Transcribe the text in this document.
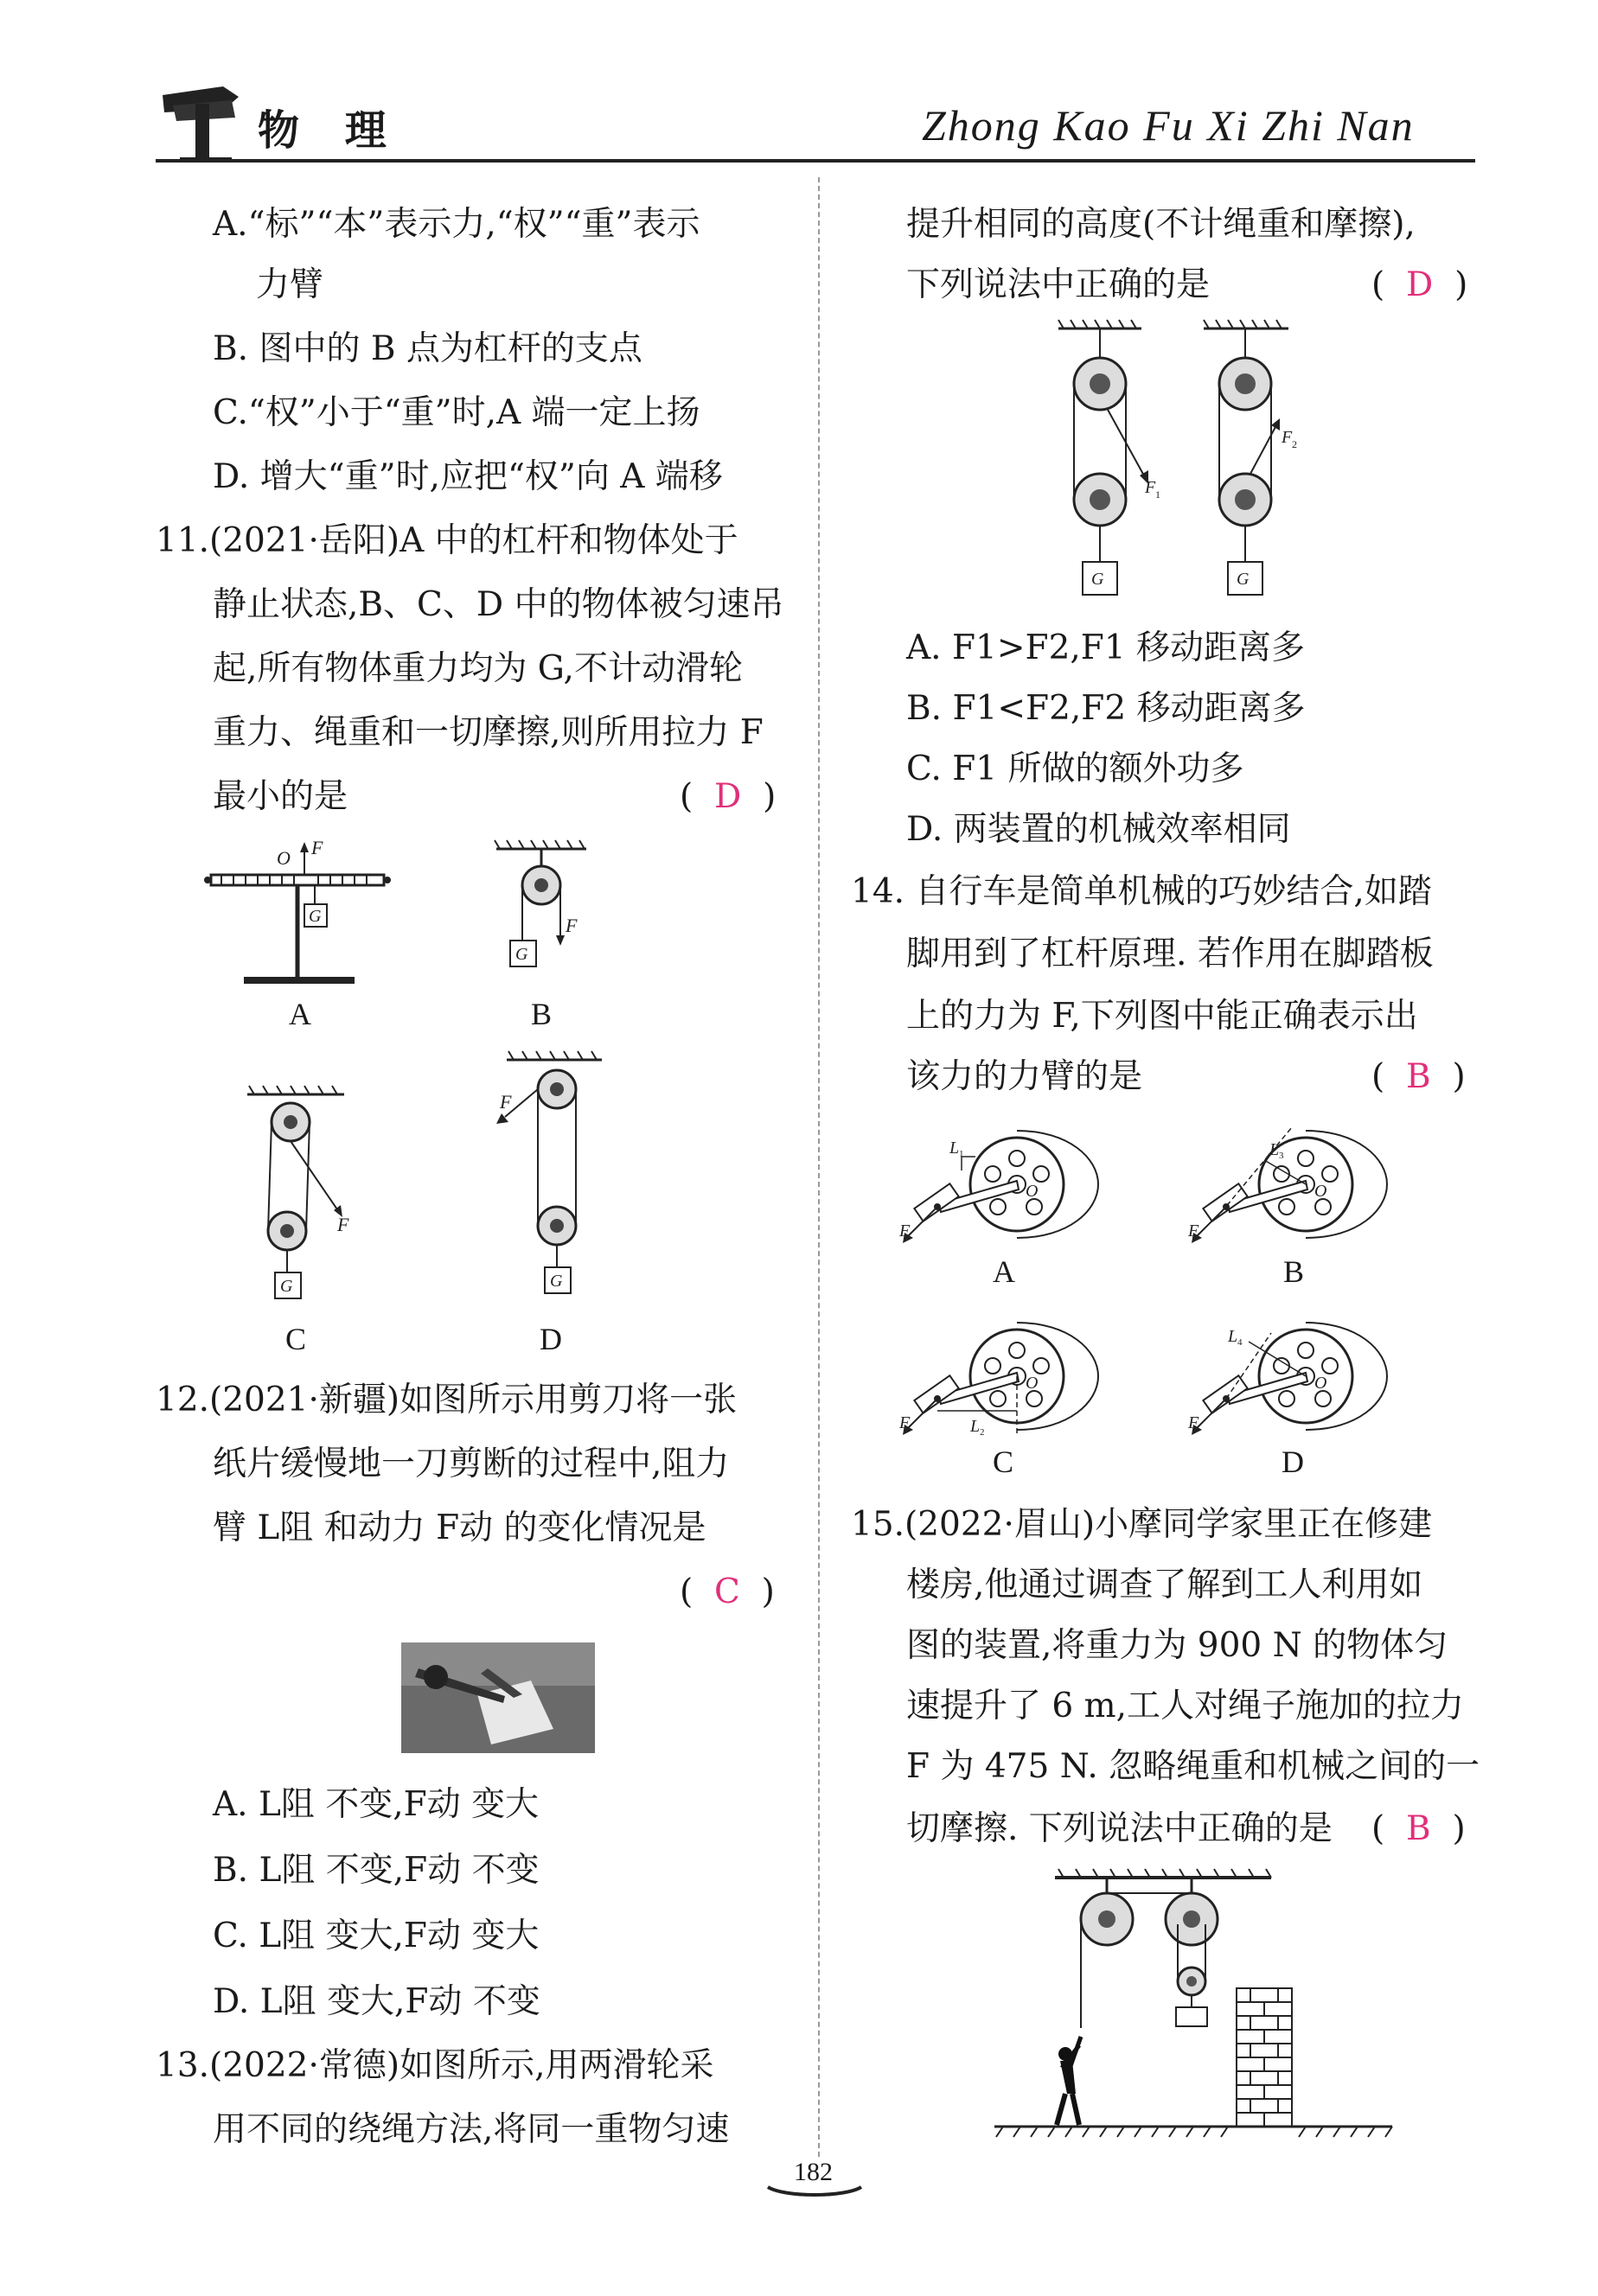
物 理	Zhong Kao Fu Xi Zhi Nan
A.“标”“本”表示力,“权”“重”表示
力臂
B. 图中的 B 点为杠杆的支点
C.“权”小于“重”时,A 端一定上扬
D. 增大“重”时,应把“权”向 A 端移
11.(2021·岳阳)A 中的杠杆和物体处于
静止状态,B、C、D 中的物体被匀速吊
起,所有物体重力均为 G,不计动滑轮
重力、绳重和一切摩擦,则所用拉力 F
最小的是	(  D  )
O F
G
A
F
G
B
F
G
C
F
G
D
12.(2021·新疆)如图所示用剪刀将一张
纸片缓慢地一刀剪断的过程中,阻力
臂 L阻 和动力 F动 的变化情况是
(  C  )
A. L阻 不变,F动 变大
B. L阻 不变,F动 不变
C. L阻 变大,F动 变大
D. L阻 变大,F动 不变
13.(2022·常德)如图所示,用两滑轮采
用不同的绕绳方法,将同一重物匀速
提升相同的高度(不计绳重和摩擦),
下列说法中正确的是	(  D  )
F 1
G
F 2
G
A. F1>F2,F1 移动距离多
B. F1<F2,F2 移动距离多
C. F1 所做的额外功多
D. 两装置的机械效率相同
14. 自行车是简单机械的巧妙结合,如踏
脚用到了杠杆原理. 若作用在脚踏板
上的力为 F,下列图中能正确表示出
该力的力臂的是	(  B  )
L 1
O
F
A
L 3
O
F
B
L 2
O
F
C
L 4
O
F
D
15.(2022·眉山)小摩同学家里正在修建
楼房,他通过调查了解到工人利用如
图的装置,将重力为 900 N 的物体匀
速提升了 6 m,工人对绳子施加的拉力
F 为 475 N. 忽略绳重和机械之间的一
切摩擦. 下列说法中正确的是 (  B  )
182
